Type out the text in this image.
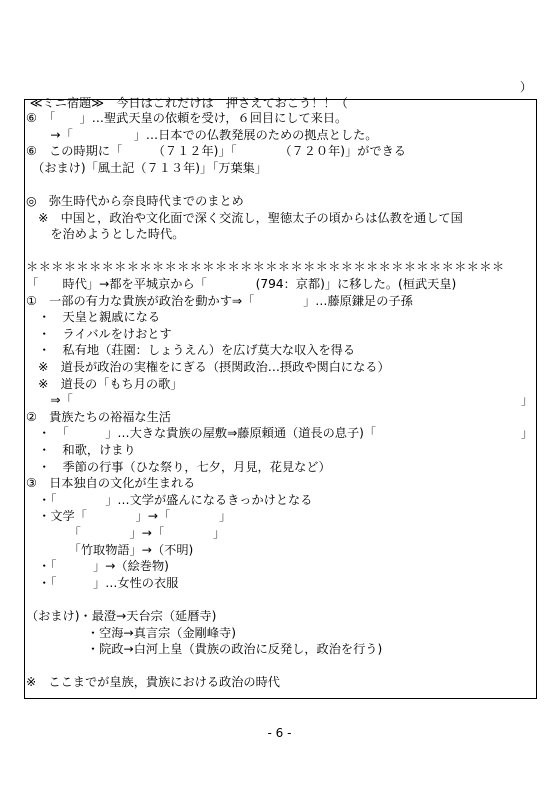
≪ミニ宿題≫　今日はこれだけは　押さえておこう！！（

）

⑥　「　　」…聖武天皇の依頼を受け，６回目にして来日。
　　→「　　　　　」…日本での仏教発展のための拠点とした。
⑥　この時期に「　　　（７１２年)」「　　　　（７２０年)」ができる
　（おまけ)「風土記（７１３年)」「万葉集」
◎　弥生時代から奈良時代までのまとめ
　※　中国と，政治や文化面で深く交流し，聖徳太子の頃からは仏教を通して国
　　を治めようとした時代。
＊＊＊＊＊＊＊＊＊＊＊＊＊＊＊＊＊＊＊＊＊＊＊＊＊＊＊＊＊＊＊＊＊＊＊＊＊＊
「　　時代」→都を平城京から「　　　　(794：京都)」に移した。(桓武天皇)
①　一部の有力な貴族が政治を動かす⇒「　　　　」…藤原鎌足の子孫
　・　天皇と親戚になる
　・　ライバルをけおとす
　・　私有地（荘園：しょうえん）を広げ莫大な収入を得る
　※　道長が政治の実権をにぎる（摂関政治…摂政や関白になる）
　※　道長の「もち月の歌」
　　⇒「	」
②　貴族たちの裕福な生活
　・　「　　　」…大きな貴族の屋敷⇒藤原頼通（道長の息子)「	」
　・　和歌，けまり
　・　季節の行事（ひな祭り，七夕，月見，花見など）
③　日本独自の文化が生まれる
　・「　　　　」…文学が盛んになるきっかけとなる
　・文学「　　　　」→「　　　　」
　　　　「　　　　」→「　　　　」
　　　　「竹取物語」→（不明)
　・「　　　」→（絵巻物)
　・「　　　」…女性の衣服
（おまけ)・最澄→天台宗（延暦寺)
　　　　　・空海→真言宗（金剛峰寺)
　　　　　・院政→白河上皇（貴族の政治に反発し，政治を行う)
※　ここまでが皇族，貴族における政治の時代
- 6 -
